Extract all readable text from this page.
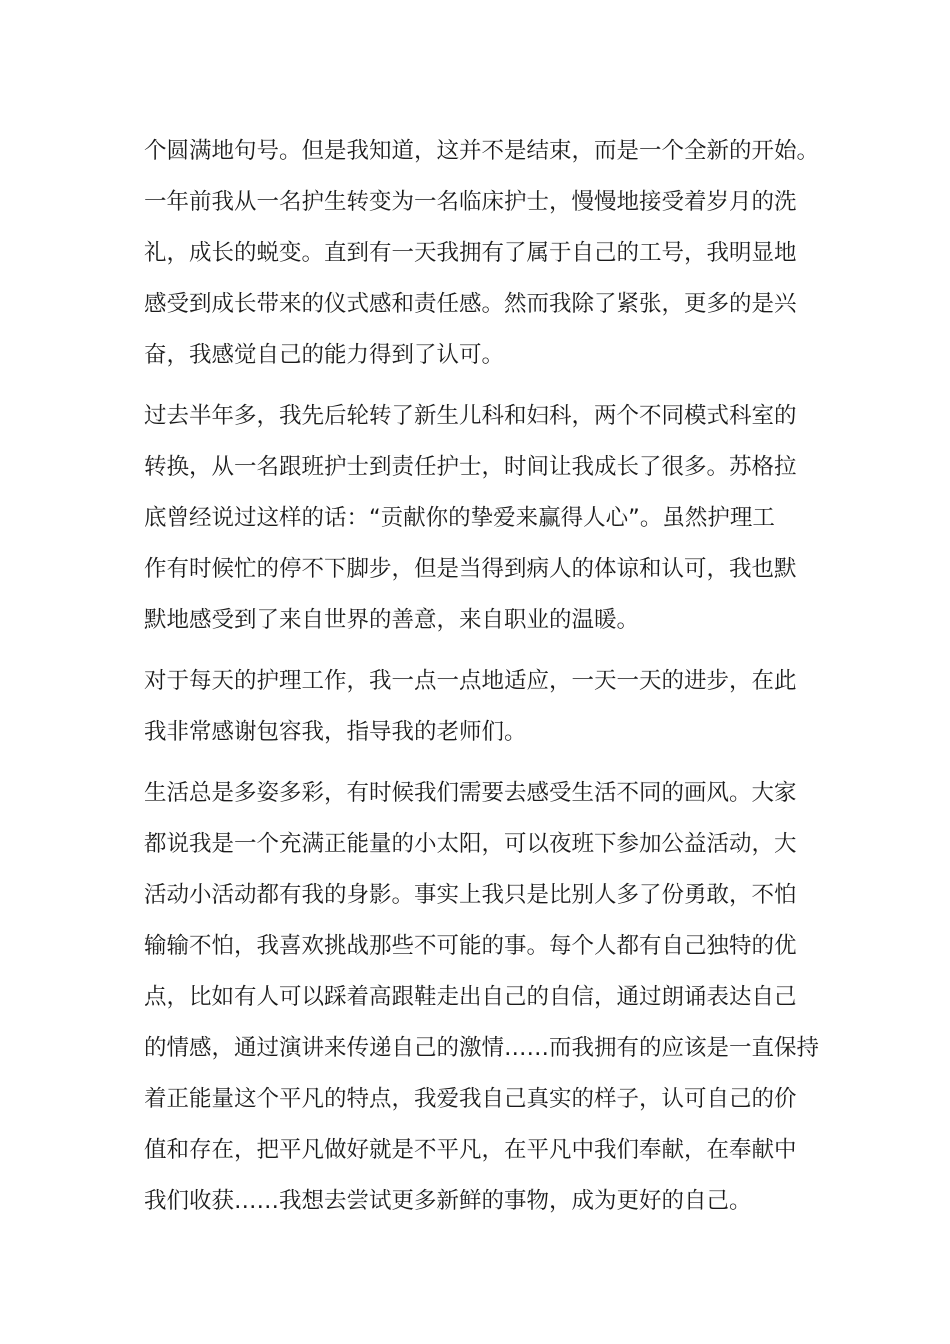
个圆满地句号。但是我知道，这并不是结束，而是一个全新的开始。
一年前我从一名护生转变为一名临床护士，慢慢地接受着岁月的洗
礼，成长的蜕变。直到有一天我拥有了属于自己的工号，我明显地
感受到成长带来的仪式感和责任感。然而我除了紧张，更多的是兴
奋，我感觉自己的能力得到了认可。
过去半年多，我先后轮转了新生儿科和妇科，两个不同模式科室的
转换，从一名跟班护士到责任护士，时间让我成长了很多。苏格拉
底曾经说过这样的话：“贡献你的挚爱来赢得人心”。虽然护理工
作有时候忙的停不下脚步，但是当得到病人的体谅和认可，我也默
默地感受到了来自世界的善意，来自职业的温暖。
对于每天的护理工作，我一点一点地适应，一天一天的进步，在此
我非常感谢包容我，指导我的老师们。
生活总是多姿多彩，有时候我们需要去感受生活不同的画风。大家
都说我是一个充满正能量的小太阳，可以夜班下参加公益活动，大
活动小活动都有我的身影。事实上我只是比别人多了份勇敢，不怕
输输不怕，我喜欢挑战那些不可能的事。每个人都有自己独特的优
点，比如有人可以踩着高跟鞋走出自己的自信，通过朗诵表达自己
的情感，通过演讲来传递自己的激情……而我拥有的应该是一直保持
着正能量这个平凡的特点，我爱我自己真实的样子，认可自己的价
值和存在，把平凡做好就是不平凡，在平凡中我们奉献，在奉献中
我们收获……我想去尝试更多新鲜的事物，成为更好的自己。
